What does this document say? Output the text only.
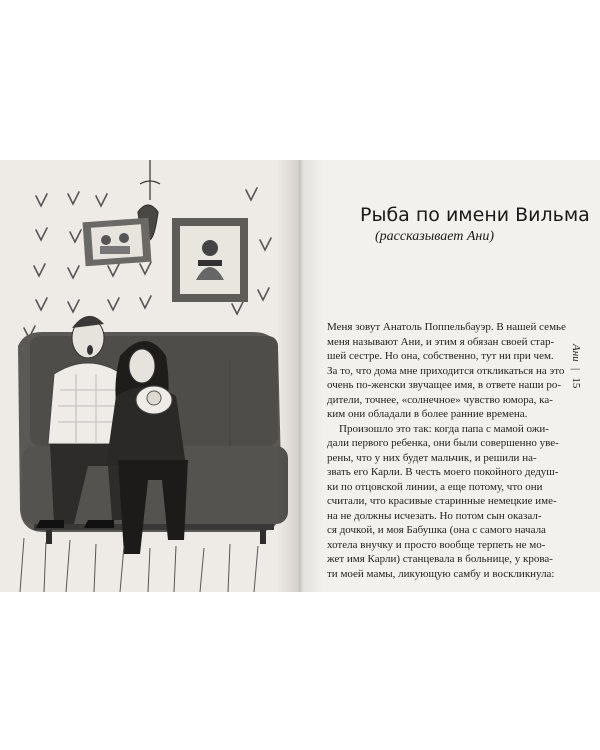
Рыба по имени Вильма
(рассказывает Ани)
Меня зовут Анатоль Поппельбауэр. В нашей семье
меня называют Ани, и этим я обязан своей стар-
шей сестре. Но она, собственно, тут ни при чем.
За то, что дома мне приходится откликаться на это
очень по-женски звучащее имя, в ответе наши ро-
дители, точнее, «солнечное» чувство юмора, ка-
ким они обладали в более ранние времена.
Произошло это так: когда папа с мамой ожи-
дали первого ребенка, они были совершенно уве-
рены, что у них будет мальчик, и решили на-
звать его Карли. В честь моего покойного дедуш-
ки по отцовской линии, а еще потому, что они
считали, что красивые старинные немецкие име-
на не должны исчезать. Но потом сын оказал-
ся дочкой, и моя Бабушка (она с самого начала
хотела внучку и просто вообще терпеть не мо-
жет имя Карли) станцевала в больнице, у крова-
ти моей мамы, ликующую самбу и воскликнула:
Ани | 15
